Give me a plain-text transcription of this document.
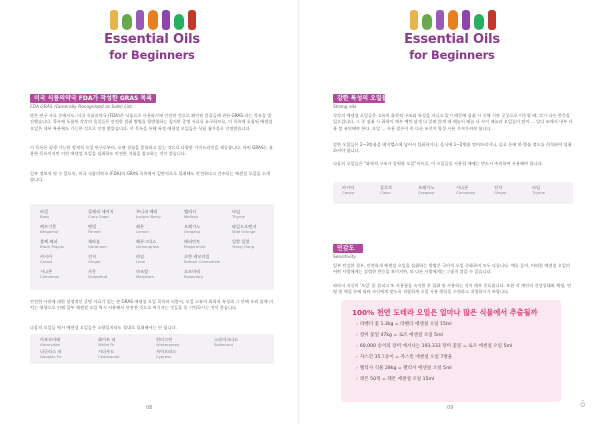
Essential Oils
for Beginners
미국 식품의약국 FDA가 작성한 GRAS 목록
FDA GRAS (Generally Recognized as Safe) List
많은 연구 자료 중에서도, 미국 식품의약국 (FDA)은 식품으로 사용하기에 안전한 것으로 확인된 물질들에 관한 GRAS 라는 목록을 발간했습니다. 목록에 포함된 각각의 물질들은 안전한 섭취 방법을 뒷받침하는 철저한 증명 자료를 요구하므로, 이 목록에 포함된 에센셜 오일은 내부 복용에도 가능한 것으로 인정 받았습니다. 이 목록을 통해 특정 에센셜 오일들은 식품 첨가물로 인정받습니다.
이 목록은 평생 가능한 정제적 독성 연구로부터, 오랜 경험을 종합하고 있는 것으로 다양한 가이드라인을 제공합니다. 특히 GRAS는 유용한 목록이지만 이번 에센셜 오일을 섭취하도 안전한 지침을 참고하는 것이 좋습니다.
일부 정보적 및 수 있도록, 미국 식품의약국 (FDA)의 GRAS 목록에서 일반적으로 섭취해도 안전하다고 간주되는 에센셜 오일을 소개합니다.
바질
Basil
클레리 세이지
Clary Sage
주니퍼 베리
Juniper Berry
멜리사
Melissa
타임
Thyme
베르가못
Bergamot
펜넬
Fennel
레몬
Lemon
오레가노
Oregano
와일드오렌지
Wild Orange
블랙 페퍼
Black Pepper
제라늄
Geranium
레몬그라스
Lemongrass
페퍼민트
Peppermint
일랑 일랑
Ylang Ylang
카시아
Cassia
진저
Ginger
라임
Lime
로만 캐모마일
Roman Chamomile
시나몬
Cinnamon
자몽
Grapefruit
마조람
Marjoram
로즈마리
Rosemary
안전한 사용에 대한 설정적인 증명 자료가 있는 본 GRAS 에센셜 오일 목록과 더불어, 오일 고유의 화학적 특성과 그 안에 우리 몸에 미치는 영향으로 인해 일부 에센셜 오일 역시 사용해서 안전한 것으로 여기지는 것들을 꼭 기억하시는 것이 좋습니다.
다음의 오일들 역시 에센셜 오일들은 소량일지라도 절대로 섭취해서는 안 됩니다.
아보르비테
Arborvitae
화이트 퍼
White Fir
윈터그린
Wintergreen
스파이크나드
Spikenard
더글라스 퍼
Douglas Fir
시더우드
Cedarwood
사이프러스
Cypress
08
Essential Oils
for Beginners
강한 특성의 오일들
Strong oils
각각의 에센셜 오일들은 고유의 화학적 구조와 특성을 지니고 있기 때문에 섭취 시 신체 기관 곳곳으로 이동할 때, 각기 다른 반응을 일으킵니다. 그 중 섭취 시 화학이 매우 예민 달게 다 알려 않게 데 페놀이 페놀 다 사이 페놀과 오일들이 많이 ... 알다 조에서 내부 사용 불 유의해야 한다. 오일 ... 사용 결론이 꼭 다른 조선이 양성 사용 가져가셔야 합니다.
강한 오일들은 2~3방울을 베지캡스에 넣어서 섭취하거나, 음식에 1~2방울 떨어뜨리거나, 음료 등에 한 방울 정도를 희석하여 섭취하셔야 합니다.
다음의 오일들은 "화학적 구조가 강력한 오일"이므로, 이 오일들을 사용할 때에는 반드시 주의하여 사용해야 합니다.
카시아
Cassia
클로브
Clove
오레가노
Oregano
시나몬
Cinnamon
진저
Ginger
타임
Thyme
민감도
Sensitivity
일부 민감한 경우, 안전하게 에센셜 오일을 섭취하는 방법은 극단적 오일 중화하며 모두 다릅니다. 예를 들어, 어떠한 에센셜 오일의 어떤 사람에게는 강렬한 반응을 보이지만, 또 다른 사람에게는 그렇지 않을 수 있습니다.
따라서 자신의 '오일' 몸 살피고 또 사용함을 숙지한 후 섭취 및 사용하는 것이 매우 중요합니다. 또한 각 개인의 건강상태와 체형, 연령 및 체질 등에 따라 자신에게 맞도록 적합하게 오일 사용 방식을 수정하고 적정하시기 바랍니다.
100% 천연 도테라 오일은 얼마나 많은 식물에서 추출될까
› 라벤더 꽃 1.3kg = 라벤더 에센셜 오일 15ml
› 장미 꽃잎 47kg = 로즈 에센셜 오일 5ml
› 60,000 송이의 장미 에서나는 193,333 장미 꽃잎 = 로즈 에센셜 오일 5ml
› 자스민 35그송이 = 자스민 에센셜 오일 7방울
› 멜리사 식물 28kg = 멜리사 에센셜 오일 5ml
› 레몬 50개 = 레몬 에센셜 오일 15ml
09	ō
